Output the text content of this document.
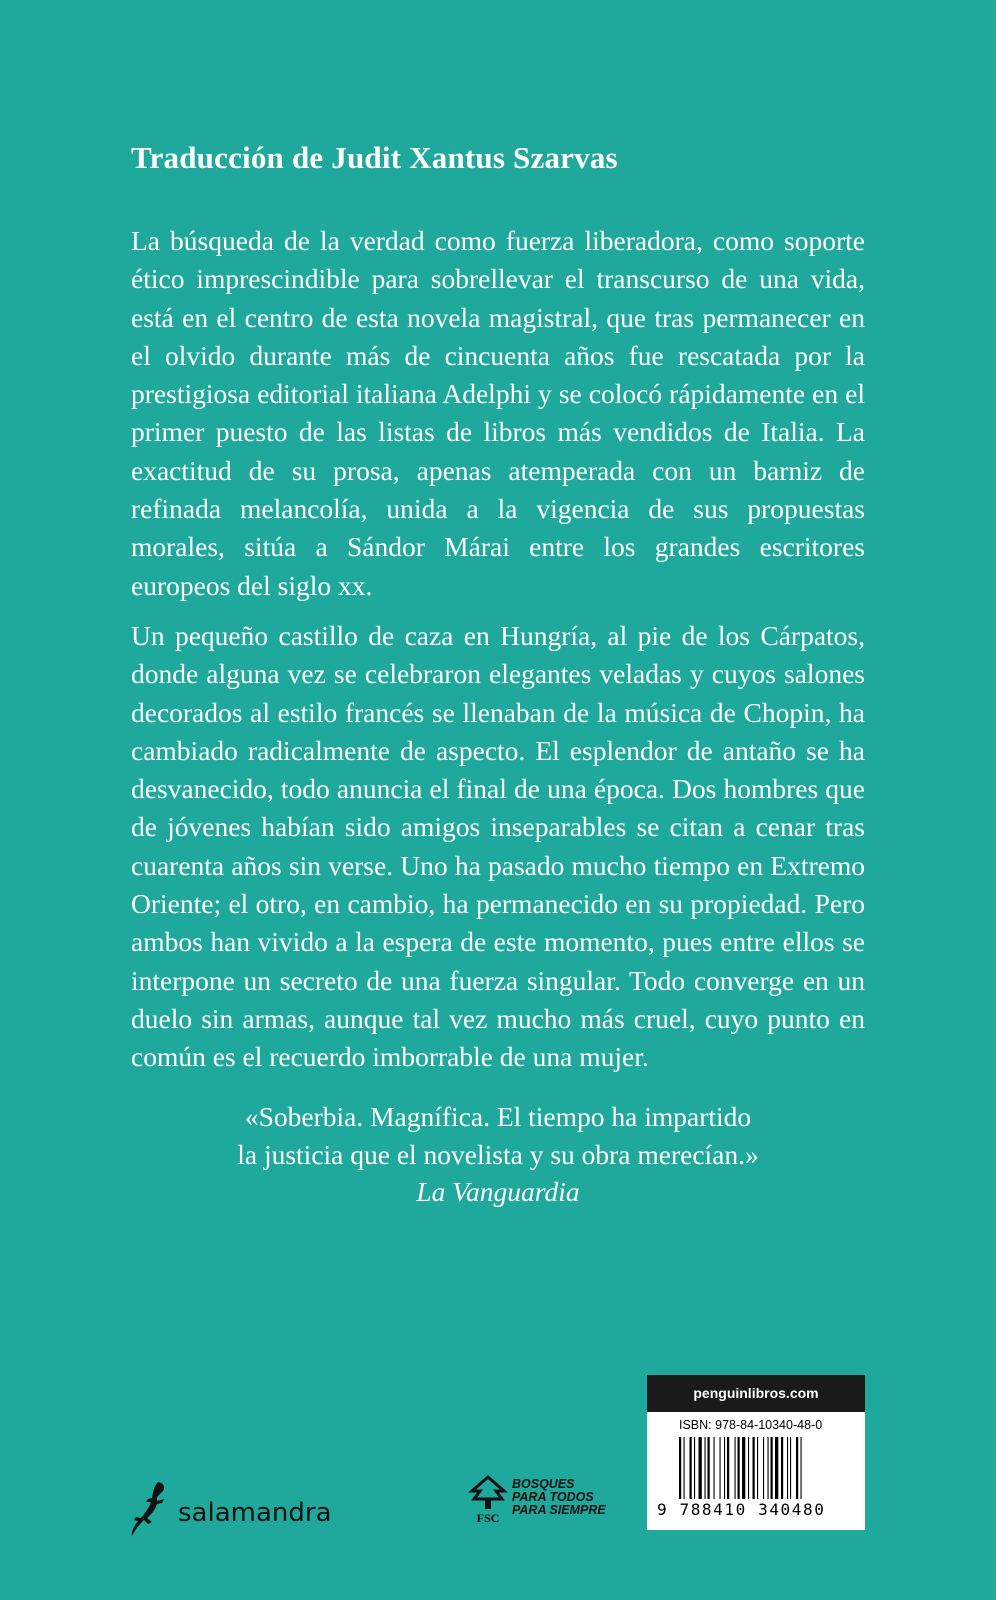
Traducción de Judit Xantus Szarvas

La búsqueda de la verdad como fuerza liberadora, como soporte ético imprescindible para sobrellevar el transcurso de una vida, está en el centro de esta novela magistral, que tras permanecer en el olvido durante más de cincuenta años fue rescatada por la prestigiosa editorial italiana Adelphi y se colocó rápidamente en el primer puesto de las listas de libros más vendidos de Italia. La exactitud de su prosa, apenas atemperada con un barniz de refinada melancolía, unida a la vigencia de sus propuestas morales, sitúa a Sándor Márai entre los grandes escritores europeos del siglo xx.

Un pequeño castillo de caza en Hungría, al pie de los Cárpatos, donde alguna vez se celebraron elegantes veladas y cuyos salones decorados al estilo francés se llenaban de la música de Chopin, ha cambiado radicalmente de aspecto. El esplendor de antaño se ha desvanecido, todo anuncia el final de una época. Dos hombres que de jóvenes habían sido amigos inseparables se citan a cenar tras cuarenta años sin verse. Uno ha pasado mucho tiempo en Extremo Oriente; el otro, en cambio, ha permanecido en su propiedad. Pero ambos han vivido a la espera de este momento, pues entre ellos se interpone un secreto de una fuerza singular. Todo converge en un duelo sin armas, aunque tal vez mucho más cruel, cuyo punto en común es el recuerdo imborrable de una mujer.

«Soberbia. Magnífica. El tiempo ha impartido
la justicia que el novelista y su obra merecían.»
La Vanguardia
penguinlibros.com
ISBN: 978-84-10340-48-0
9 788410 340480
salamandra	FSC
BOSQUES
PARA TODOS
PARA SIEMPRE
